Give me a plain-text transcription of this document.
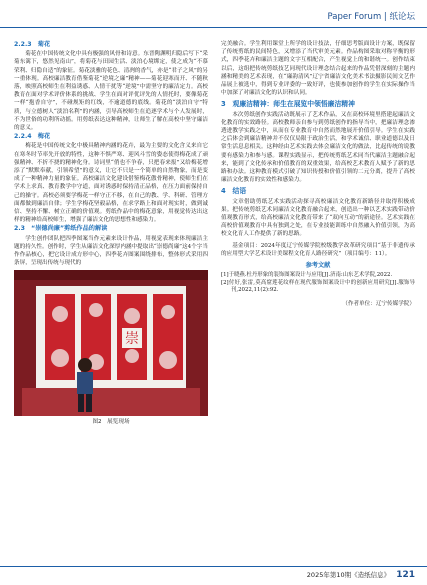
Paper Forum | 纸论坛
2.2.3　菊花

菊花在中国传统文化中具有极强的风骨和诗意。东晋陶渊明归隐后写下“采菊东篱下，悠然见南山”，将菊花与田园生活、淡泊心境绑定，使之成为“不慕荣利、归隐自适”的象征。菊花淡雅的花色、清冽的香气，亦是“君子之风”的另一重体现。高校廉洁教育借鉴菊花“逆境之廉”精神——菊花迎寒而开、不随秋落，映照高校师生在利益诱惑、人情干扰等“逆境”中需坚守的廉洁定力。高校教育在面对学术评价体系的挑战、学生在面对评优评先的人情托时，要像菊花一样“抱香自守”，不碰规矩的红线，不逾道德的底线。菊花的“淡泊自守”特质，与立德树人“淡泊名利”的内涵，引导高校师生在追逐学术与个人发展时，不为世俗的功利所动摇。用剪纸表达这种精神，让师生了解在高校中坚守廉洁的意义。

2.2.4　梅花

梅花是中国传统文化中极具精神内涵的花卉，最为主要的文化含义来自它在寒冬时节率先开放的特性，这种不惧严寒、迎风斗雪的姿态使得梅花成了顽强精神、不折不挠的精神化身。诗词里“俏也不争春，只把春来报”又给梅花增添了“默默奉献，引领希望”的意义，让它不只是一个简单的自然物象，而是变成了一种精神力量的象征。高校廉洁文化建设借鉴梅花傲骨精神，使师生们在学术上求真、教育教学中守道，面对诱惑时保持清正品格，在压力面前保持自己的操守。高校必须要学梅花一样守正不移，在自己的教、学、科研、管理方面都做到廉洁自律；学生学梅花坚毅品格，在求学路上和面对现实时，做到诚信、坚持不懈、树立正确的价值观。剪纸作品中的梅花意象，用视觉传达出这样的精神给高校师生，增强了廉洁文化的思想性和感染力。

2.3　“崇德尚廉”剪纸作品的解读

学生创作团队把四季图案当作元素来设计作品，用视觉表现来体现廉洁主题的持久性。创作时，学生从廉洁文化深厚内涵中提取出“崇德尚廉”这4个字当作作品核心，把它设计成方形中心，四季花卉图案围绕排布，整体形式采用四条屏，呈现出传统与现代的

崇
图2　展览现场

完美融合。学生利用课堂上所学的设计技法，仔细思考版面设计方案，既保留了传统剪纸的民间特色，又增添了当代审美元素。作品构图采取对称平衡的形式，四季花卉和廉洁主题的文字互相配合，产生视觉上的和谐统一。创作结束以后，这组把传统剪纸技艺同现代设计理念结合起来的作品凭借深刻的主题内涵和精美的艺术表现，在“廉韵清风”辽宁省廉洁文化美术书法摄影民间文艺作品展上被选中，得到专业评委的一致好评，也使参加创作的学生在实际操作当中加深了对廉洁文化的认识和认同。

3　观廉洁精神：师生在展览中领悟廉洁精神

本次剪纸创作实践活动既展示了艺术作品，又在高校环境里搭建起廉洁文化教育的实效路径。高校教师亲自参与到剪纸创作的指导当中，把廉洁理念渗透进教学实践之中，从而在专业教育中自然而然地展开价值引导。学生在实践之后体会到廉洁精神并不仅仅局限于政治生活，和学术诚信、职业道德以及日常生活息息相关。这种经由艺术实践去体会廉洁文化的做法，比起传统的说教要有感染力和参与感。课程实践显示，把传统剪纸艺术同当代廉洁主题融合起来，能到了文化传承和价值教育的双重效果，给高校艺术教育人赋予了新的思路和办法。这种教育模式引破了知识传授和价值引领的二元分离，提升了高校廉洁文化教育的实效性和感染力。

4　结语

文章借助剪纸艺术实践活动探寻高校廉洁文化教育新路径并取得积极成果。把传统剪纸艺术同廉洁文化教育融合起来，创造出一种以艺术实践带动价值观教育形式，给高校廉洁文化教育带来了“双向互动”的新途径。艺术实践在高校价值观教育中具有独到之处，在专业技能训练中自然融入价值引领，为高校文化育人工作提供了新的思路。

基金项目：2024年度辽宁传媒学院校级教学改革研究项目“基于非遗传承的应用型大学艺术设计美课程文化育人路径研究”（项目编号：11）。

参考文献

[1]于晓燕.杜丹形象的装饰图案设计与应用[J].济南:山东艺术学院,2022.

[2]付好,张雷,莫高窟莲花纹样在现代服饰图案设计中的创新应用研究[J].服饰导刊,2022,11(2):92.

（作者单位：辽宁传媒学院）
2025年第10期《造纸信息》 121
